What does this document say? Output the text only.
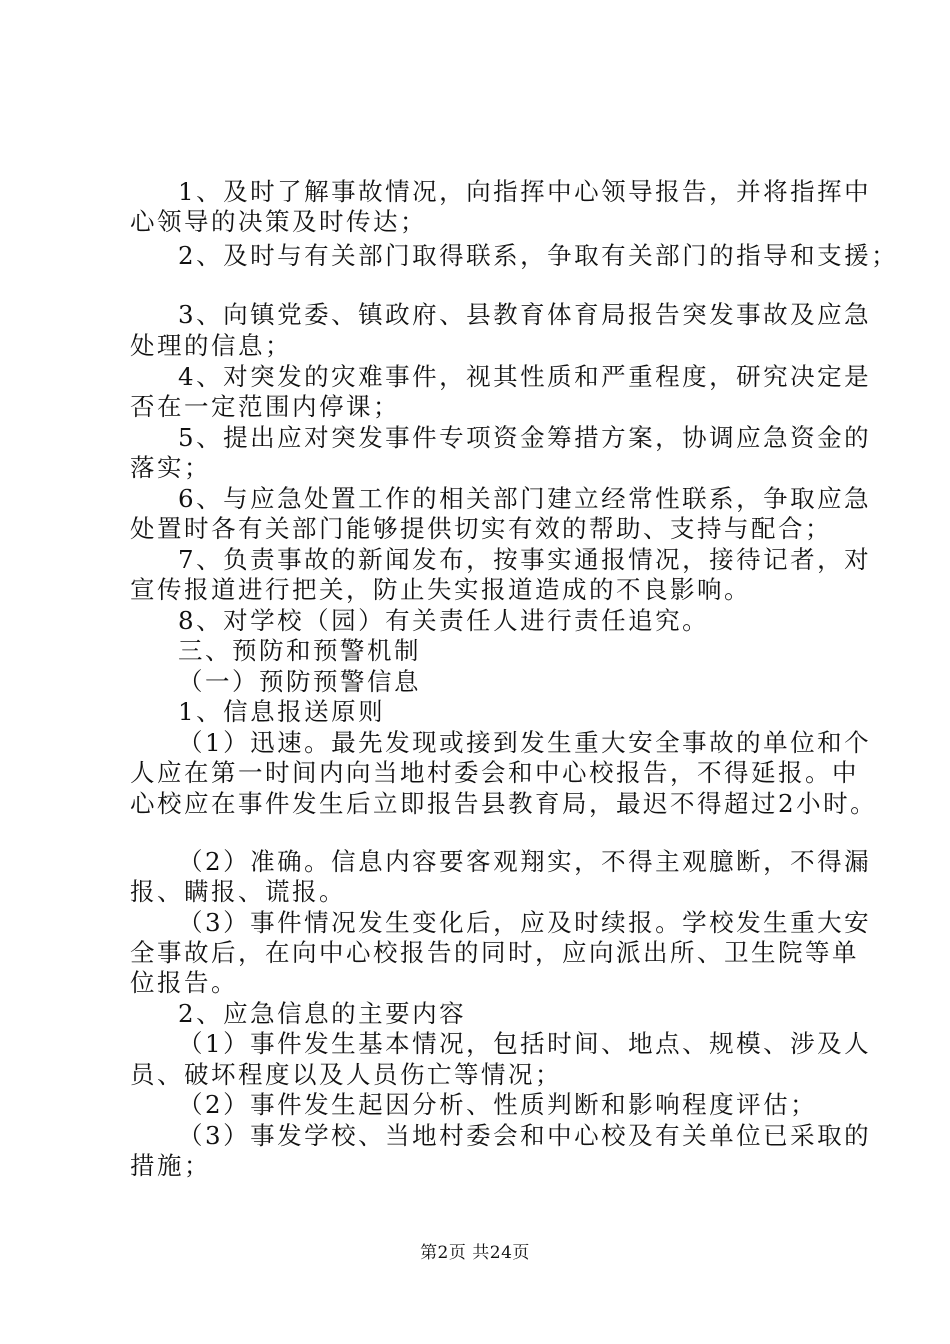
1、及时了解事故情况，向指挥中心领导报告，并将指挥中
心领导的决策及时传达；
2、及时与有关部门取得联系，争取有关部门的指导和支援；
3、向镇党委、镇政府、县教育体育局报告突发事故及应急
处理的信息；
4、对突发的灾难事件，视其性质和严重程度，研究决定是
否在一定范围内停课；
5、提出应对突发事件专项资金筹措方案，协调应急资金的
落实；
6、与应急处置工作的相关部门建立经常性联系，争取应急
处置时各有关部门能够提供切实有效的帮助、支持与配合；
7、负责事故的新闻发布，按事实通报情况，接待记者，对
宣传报道进行把关，防止失实报道造成的不良影响。
8、对学校（园）有关责任人进行责任追究。
三、预防和预警机制
（一）预防预警信息
1、信息报送原则
（1）迅速。最先发现或接到发生重大安全事故的单位和个
人应在第一时间内向当地村委会和中心校报告，不得延报。中
心校应在事件发生后立即报告县教育局，最迟不得超过2小时。
（2）准确。信息内容要客观翔实，不得主观臆断，不得漏
报、瞒报、谎报。
（3）事件情况发生变化后，应及时续报。学校发生重大安
全事故后，在向中心校报告的同时，应向派出所、卫生院等单
位报告。
2、应急信息的主要内容
（1）事件发生基本情况，包括时间、地点、规模、涉及人
员、破坏程度以及人员伤亡等情况；
（2）事件发生起因分析、性质判断和影响程度评估；
（3）事发学校、当地村委会和中心校及有关单位已采取的
措施；
第2页 共24页
